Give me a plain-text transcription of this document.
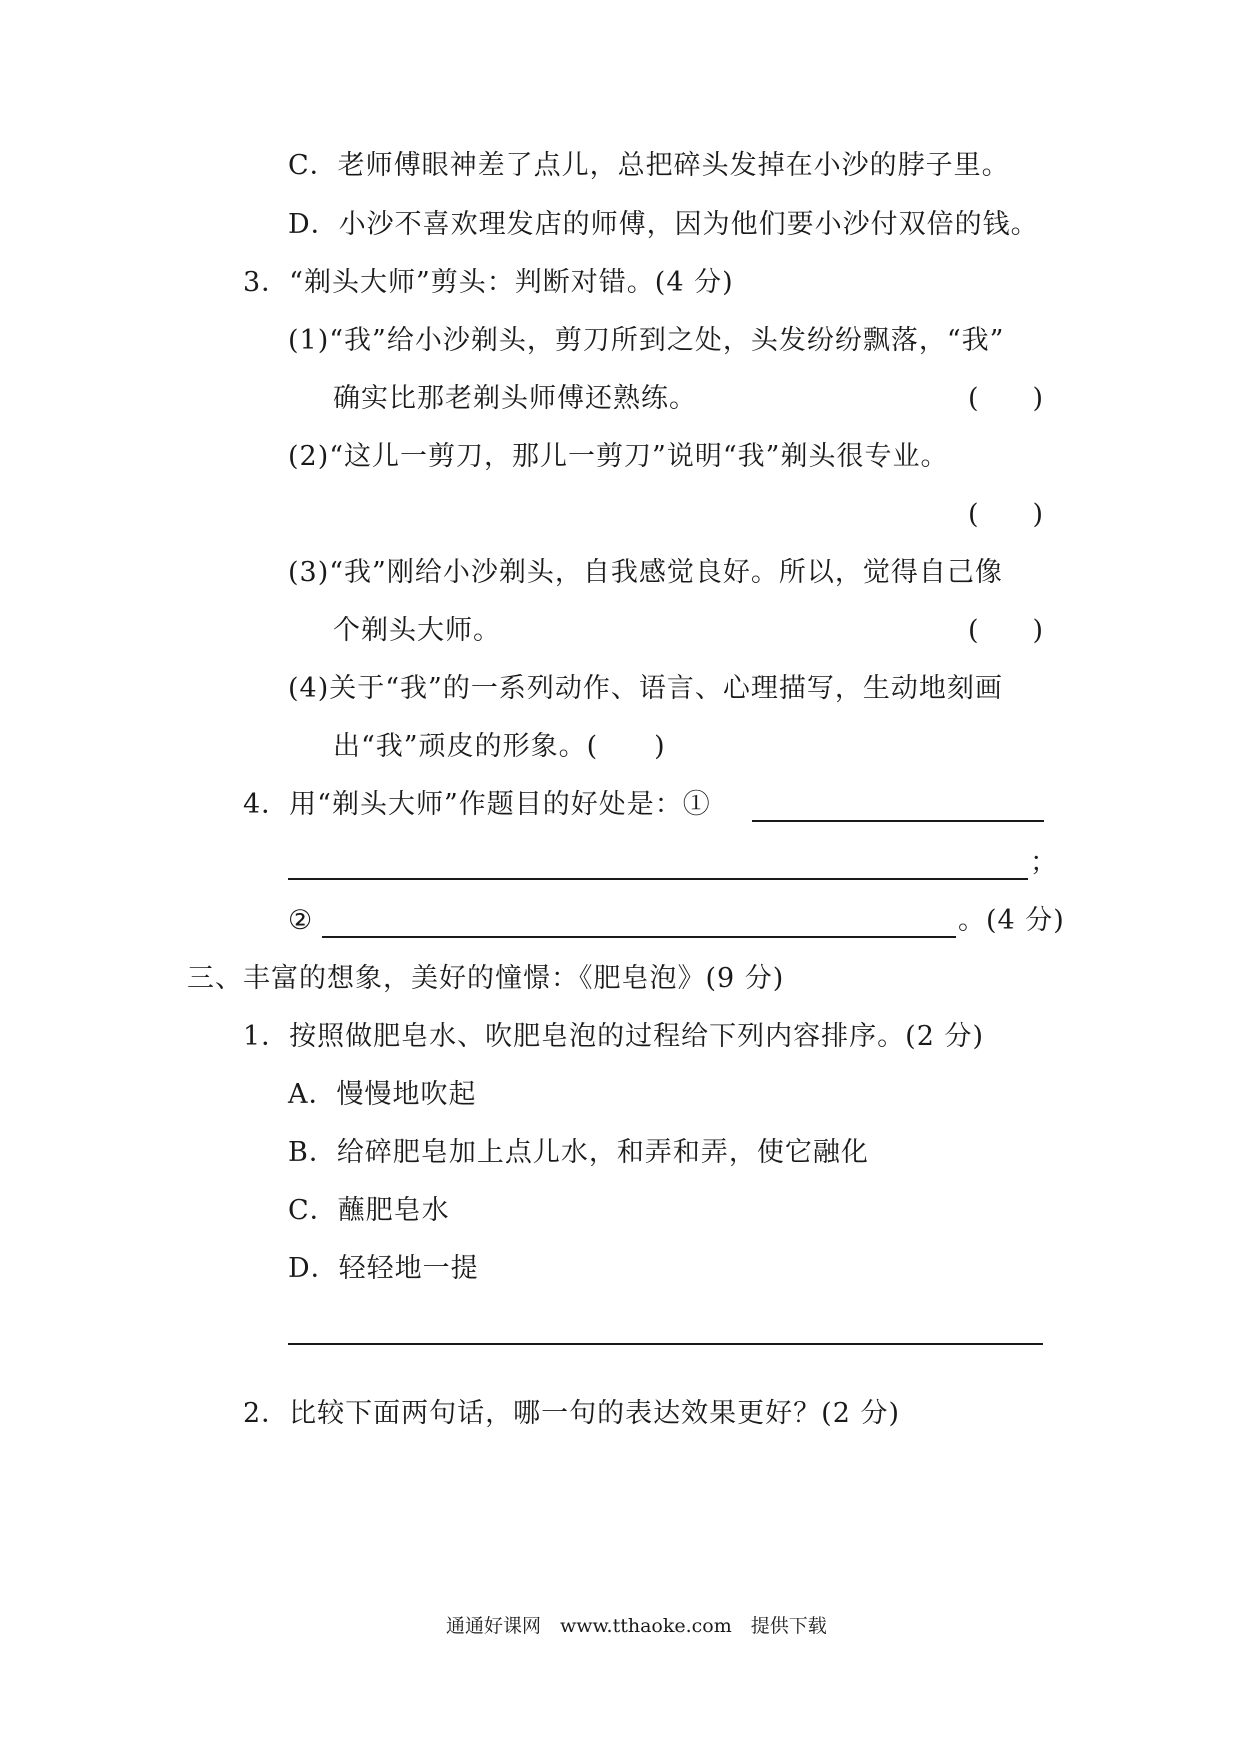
C．老师傅眼神差了点儿，总把碎头发掉在小沙的脖子里。
D．小沙不喜欢理发店的师傅，因为他们要小沙付双倍的钱。
3．“剃头大师”剪头：判断对错。(4 分)
(1)“我”给小沙剃头，剪刀所到之处，头发纷纷飘落，“我”
确实比那老剃头师傅还熟练。	(　　)
(2)“这儿一剪刀，那儿一剪刀”说明“我”剃头很专业。
(　　)
(3)“我”刚给小沙剃头，自我感觉良好。所以，觉得自己像
个剃头大师。	(　　)
(4)关于“我”的一系列动作、语言、心理描写，生动地刻画
出“我”顽皮的形象。(　　)
4．用“剃头大师”作题目的好处是：①
；
②	。(4 分)
三、丰富的想象，美好的憧憬：《肥皂泡》(9 分)
1．按照做肥皂水、吹肥皂泡的过程给下列内容排序。(2 分)
A．慢慢地吹起
B．给碎肥皂加上点儿水，和弄和弄，使它融化
C．蘸肥皂水
D．轻轻地一提
2．比较下面两句话，哪一句的表达效果更好？(2 分)
通通好课网　www.tthaoke.com　提供下载
